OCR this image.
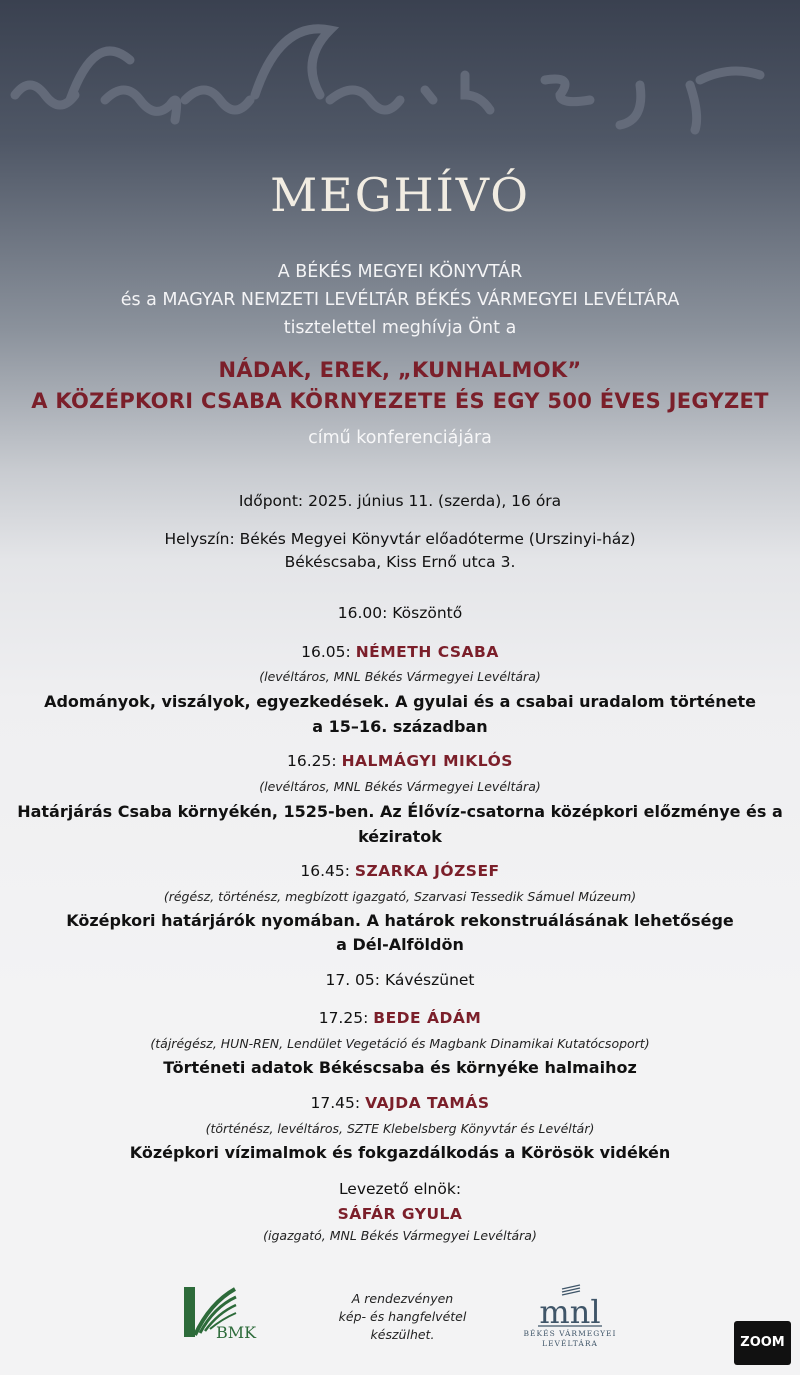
MEGHÍVÓ
A BÉKÉS MEGYEI KÖNYVTÁR
és a MAGYAR NEMZETI LEVÉLTÁR BÉKÉS VÁRMEGYEI LEVÉLTÁRA
tisztelettel meghívja Önt a
NÁDAK, EREK, „KUNHALMOK”
A KÖZÉPKORI CSABA KÖRNYEZETE ÉS EGY 500 ÉVES JEGYZET
című konferenciájára
Időpont: 2025. június 11. (szerda), 16 óra
Helyszín: Békés Megyei Könyvtár előadóterme (Urszinyi-ház)
Békéscsaba, Kiss Ernő utca 3.
16.00: Köszöntő
16.05: NÉMETH CSABA
(levéltáros, MNL Békés Vármegyei Levéltára)
Adományok, viszályok, egyezkedések. A gyulai és a csabai uradalom története
a 15–16. században
16.25: HALMÁGYI MIKLÓS
(levéltáros, MNL Békés Vármegyei Levéltára)
Határjárás Csaba környékén, 1525-ben. Az Élővíz-csatorna középkori előzménye és a
kéziratok
16.45: SZARKA JÓZSEF
(régész, történész, megbízott igazgató, Szarvasi Tessedik Sámuel Múzeum)
Középkori határjárók nyomában. A határok rekonstruálásának lehetősége
a Dél-Alföldön
17. 05: Kávészünet
17.25: BEDE ÁDÁM
(tájrégész, HUN-REN, Lendület Vegetáció és Magbank Dinamikai Kutatócsoport)
Történeti adatok Békéscsaba és környéke halmaihoz
17.45: VAJDA TAMÁS
(történész, levéltáros, SZTE Klebelsberg Könyvtár és Levéltár)
Középkori vízimalmok és fokgazdálkodás a Körösök vidékén
Levezető elnök:
SÁFÁR GYULA
(igazgató, MNL Békés Vármegyei Levéltára)
BMK
A rendezvényen
kép- és hangfelvétel
készülhet.
mnl
BÉKÉS VÁRMEGYEI
LEVÉLTÁRA	ZOOM
